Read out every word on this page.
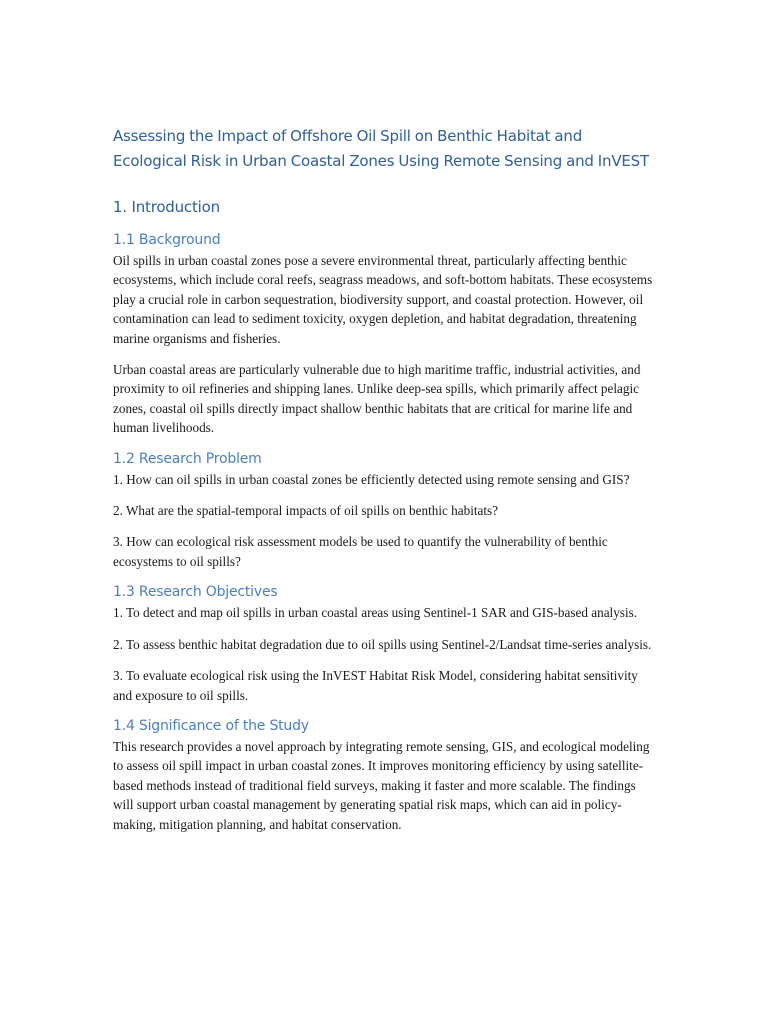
Assessing the Impact of Offshore Oil Spill on Benthic Habitat and Ecological Risk in Urban Coastal Zones Using Remote Sensing and InVEST
1. Introduction
1.1 Background

Oil spills in urban coastal zones pose a severe environmental threat, particularly affecting benthic ecosystems, which include coral reefs, seagrass meadows, and soft-bottom habitats. These ecosystems play a crucial role in carbon sequestration, biodiversity support, and coastal protection. However, oil contamination can lead to sediment toxicity, oxygen depletion, and habitat degradation, threatening marine organisms and fisheries.

Urban coastal areas are particularly vulnerable due to high maritime traffic, industrial activities, and proximity to oil refineries and shipping lanes. Unlike deep-sea spills, which primarily affect pelagic zones, coastal oil spills directly impact shallow benthic habitats that are critical for marine life and human livelihoods.

1.2 Research Problem

1. How can oil spills in urban coastal zones be efficiently detected using remote sensing and GIS?

2. What are the spatial-temporal impacts of oil spills on benthic habitats?

3. How can ecological risk assessment models be used to quantify the vulnerability of benthic ecosystems to oil spills?

1.3 Research Objectives

1. To detect and map oil spills in urban coastal areas using Sentinel-1 SAR and GIS-based analysis.

2. To assess benthic habitat degradation due to oil spills using Sentinel-2/Landsat time-series analysis.

3. To evaluate ecological risk using the InVEST Habitat Risk Model, considering habitat sensitivity and exposure to oil spills.

1.4 Significance of the Study

This research provides a novel approach by integrating remote sensing, GIS, and ecological modeling to assess oil spill impact in urban coastal zones. It improves monitoring efficiency by using satellite-based methods instead of traditional field surveys, making it faster and more scalable. The findings will support urban coastal management by generating spatial risk maps, which can aid in policy-making, mitigation planning, and habitat conservation.
